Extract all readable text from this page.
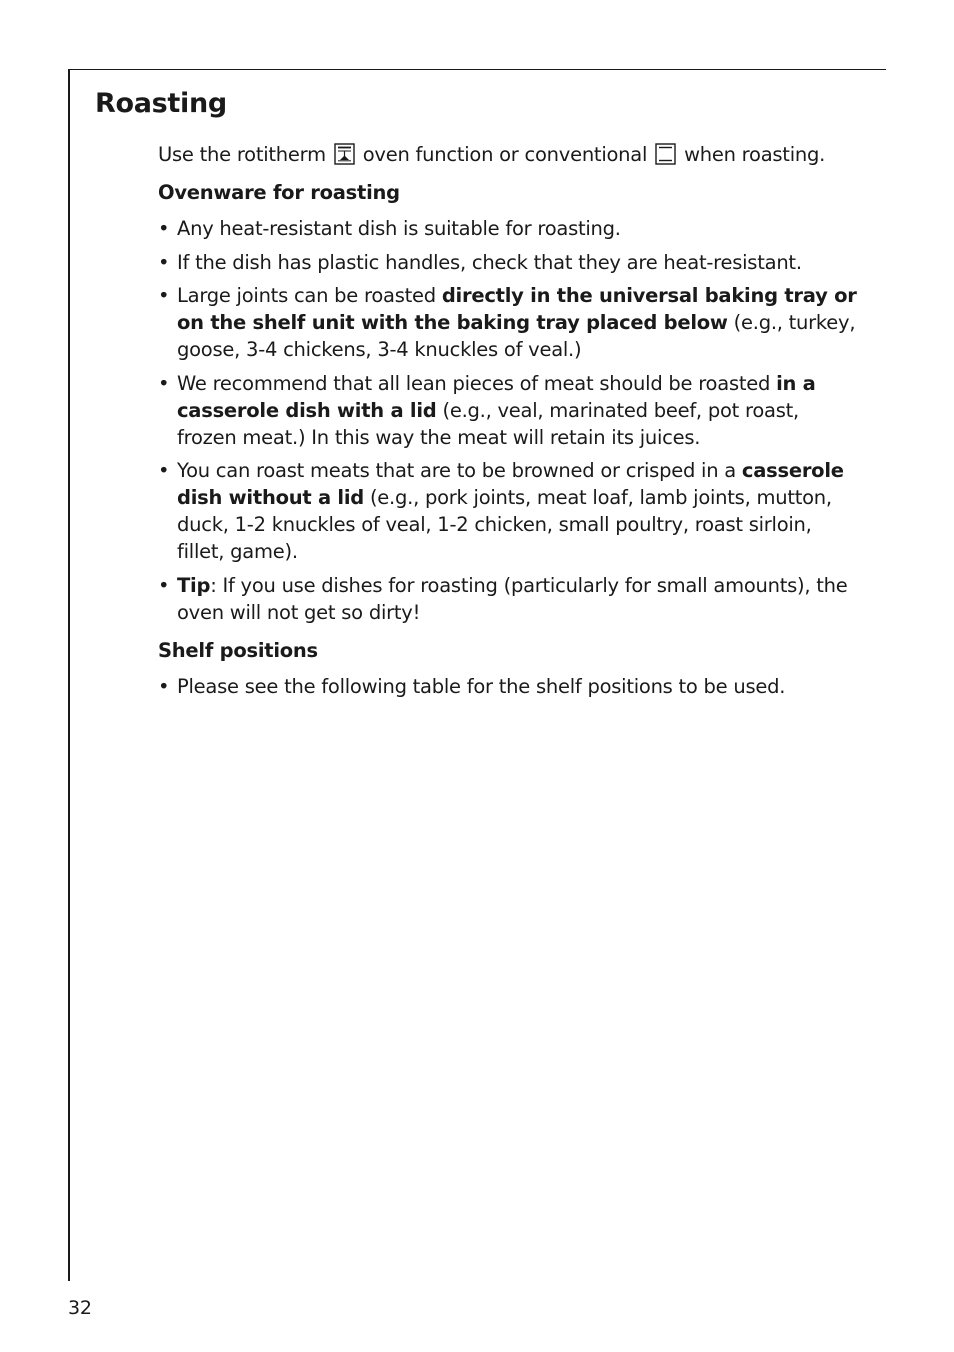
Roasting

Use the rotitherm oven function or conventional when roasting.

Ovenware for roasting
• Any heat-resistant dish is suitable for roasting.
• If the dish has plastic handles, check that they are heat-resistant.
• Large joints can be roasted directly in the universal baking tray or on the shelf unit with the baking tray placed below (e.g., turkey, goose, 3-4 chickens, 3-4 knuckles of veal.)
• We recommend that all lean pieces of meat should be roasted in a casserole dish with a lid (e.g., veal, marinated beef, pot roast, frozen meat.) In this way the meat will retain its juices.
• You can roast meats that are to be browned or crisped in a casserole dish without a lid (e.g., pork joints, meat loaf, lamb joints, mutton, duck, 1-2 knuckles of veal, 1-2 chicken, small poultry, roast sirloin, fillet, game).
• Tip: If you use dishes for roasting (particularly for small amounts), the oven will not get so dirty!
Shelf positions
• Please see the following table for the shelf positions to be used.
32
